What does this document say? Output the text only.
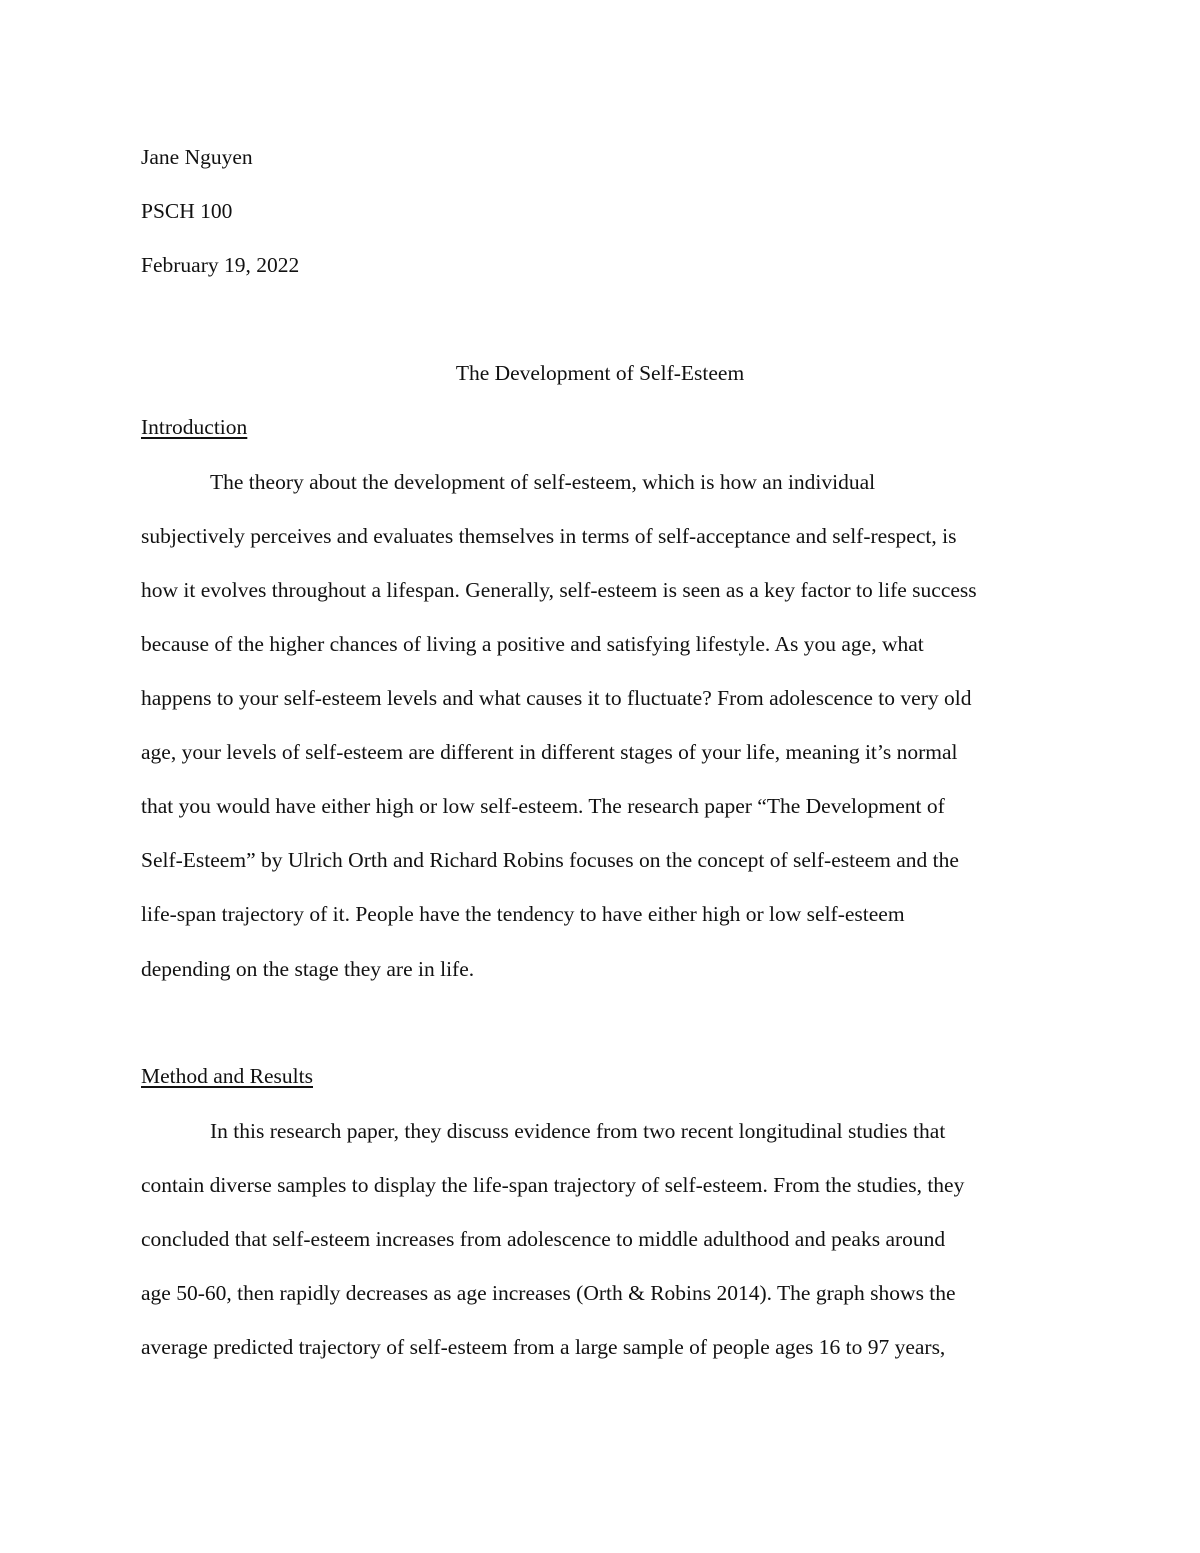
Jane Nguyen
PSCH 100
February 19, 2022
The Development of Self-Esteem
Introduction
The theory about the development of self-esteem, which is how an individual
subjectively perceives and evaluates themselves in terms of self-acceptance and self-respect, is
how it evolves throughout a lifespan. Generally, self-esteem is seen as a key factor to life success
because of the higher chances of living a positive and satisfying lifestyle. As you age, what
happens to your self-esteem levels and what causes it to fluctuate? From adolescence to very old
age, your levels of self-esteem are different in different stages of your life, meaning it’s normal
that you would have either high or low self-esteem. The research paper “The Development of
Self-Esteem” by Ulrich Orth and Richard Robins focuses on the concept of self-esteem and the
life-span trajectory of it. People have the tendency to have either high or low self-esteem
depending on the stage they are in life.
Method and Results
In this research paper, they discuss evidence from two recent longitudinal studies that
contain diverse samples to display the life-span trajectory of self-esteem. From the studies, they
concluded that self-esteem increases from adolescence to middle adulthood and peaks around
age 50-60, then rapidly decreases as age increases (Orth & Robins 2014). The graph shows the
average predicted trajectory of self-esteem from a large sample of people ages 16 to 97 years,
